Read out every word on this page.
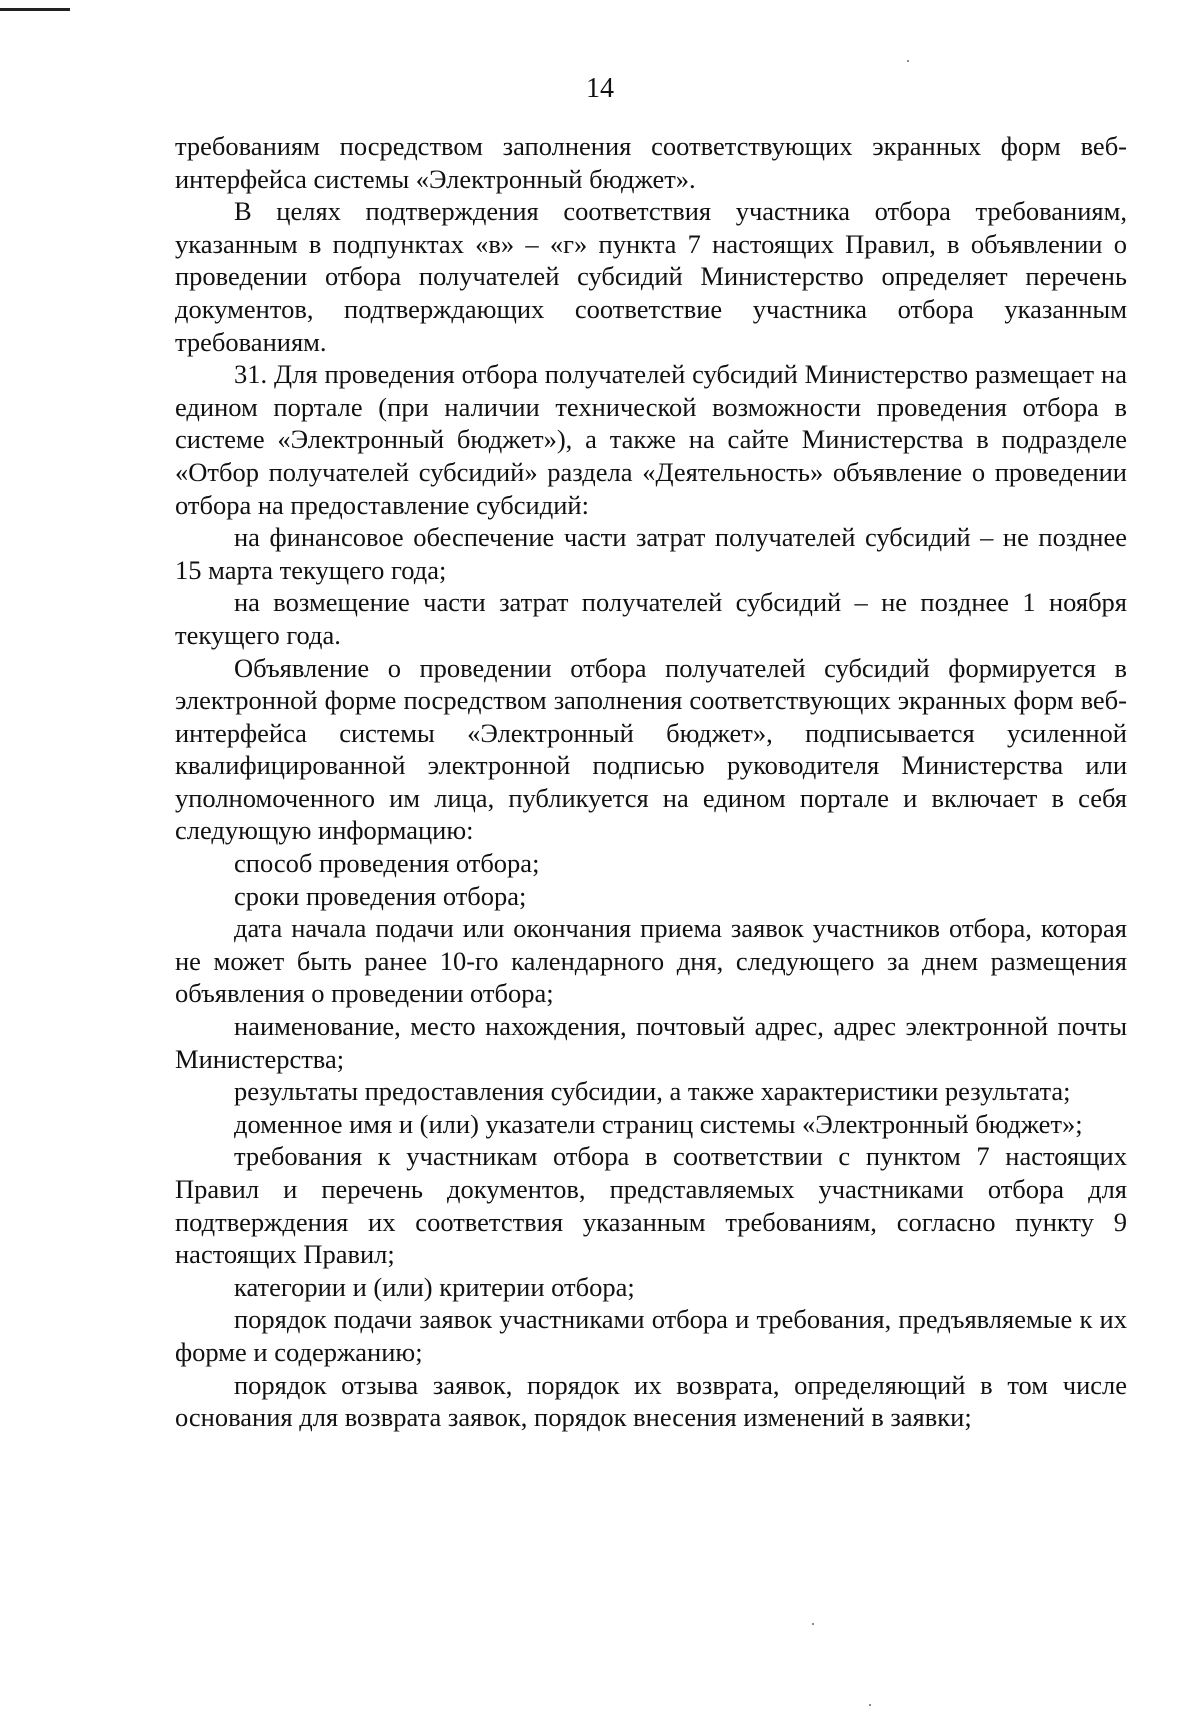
14

требованиям посредством заполнения соответствующих экранных форм веб-интерфейса системы «Электронный бюджет».

В целях подтверждения соответствия участника отбора требованиям, указанным в подпунктах «в» – «г» пункта 7 настоящих Правил, в объявлении о проведении отбора получателей субсидий Министерство определяет перечень документов, подтверждающих соответствие участника отбора указанным требованиям.

31. Для проведения отбора получателей субсидий Министерство размещает на едином портале (при наличии технической возможности проведения отбора в системе «Электронный бюджет»), а также на сайте Министерства в подразделе «Отбор получателей субсидий» раздела «Деятельность» объявление о проведении отбора на предоставление субсидий:

на финансовое обеспечение части затрат получателей субсидий – не позднее 15 марта текущего года;

на возмещение части затрат получателей субсидий – не позднее 1 ноября текущего года.

Объявление о проведении отбора получателей субсидий формируется в электронной форме посредством заполнения соответствующих экранных форм веб-интерфейса системы «Электронный бюджет», подписывается усиленной квалифицированной электронной подписью руководителя Министерства или уполномоченного им лица, публикуется на едином портале и включает в себя следующую информацию:

способ проведения отбора;

сроки проведения отбора;

дата начала подачи или окончания приема заявок участников отбора, которая не может быть ранее 10-го календарного дня, следующего за днем размещения объявления о проведении отбора;

наименование, место нахождения, почтовый адрес, адрес электронной почты Министерства;

результаты предоставления субсидии, а также характеристики результата;

доменное имя и (или) указатели страниц системы «Электронный бюджет»;

требования к участникам отбора в соответствии с пунктом 7 настоящих Правил и перечень документов, представляемых участниками отбора для подтверждения их соответствия указанным требованиям, согласно пункту 9 настоящих Правил;

категории и (или) критерии отбора;

порядок подачи заявок участниками отбора и требования, предъявляемые к их форме и содержанию;

порядок отзыва заявок, порядок их возврата, определяющий в том числе основания для возврата заявок, порядок внесения изменений в заявки;
